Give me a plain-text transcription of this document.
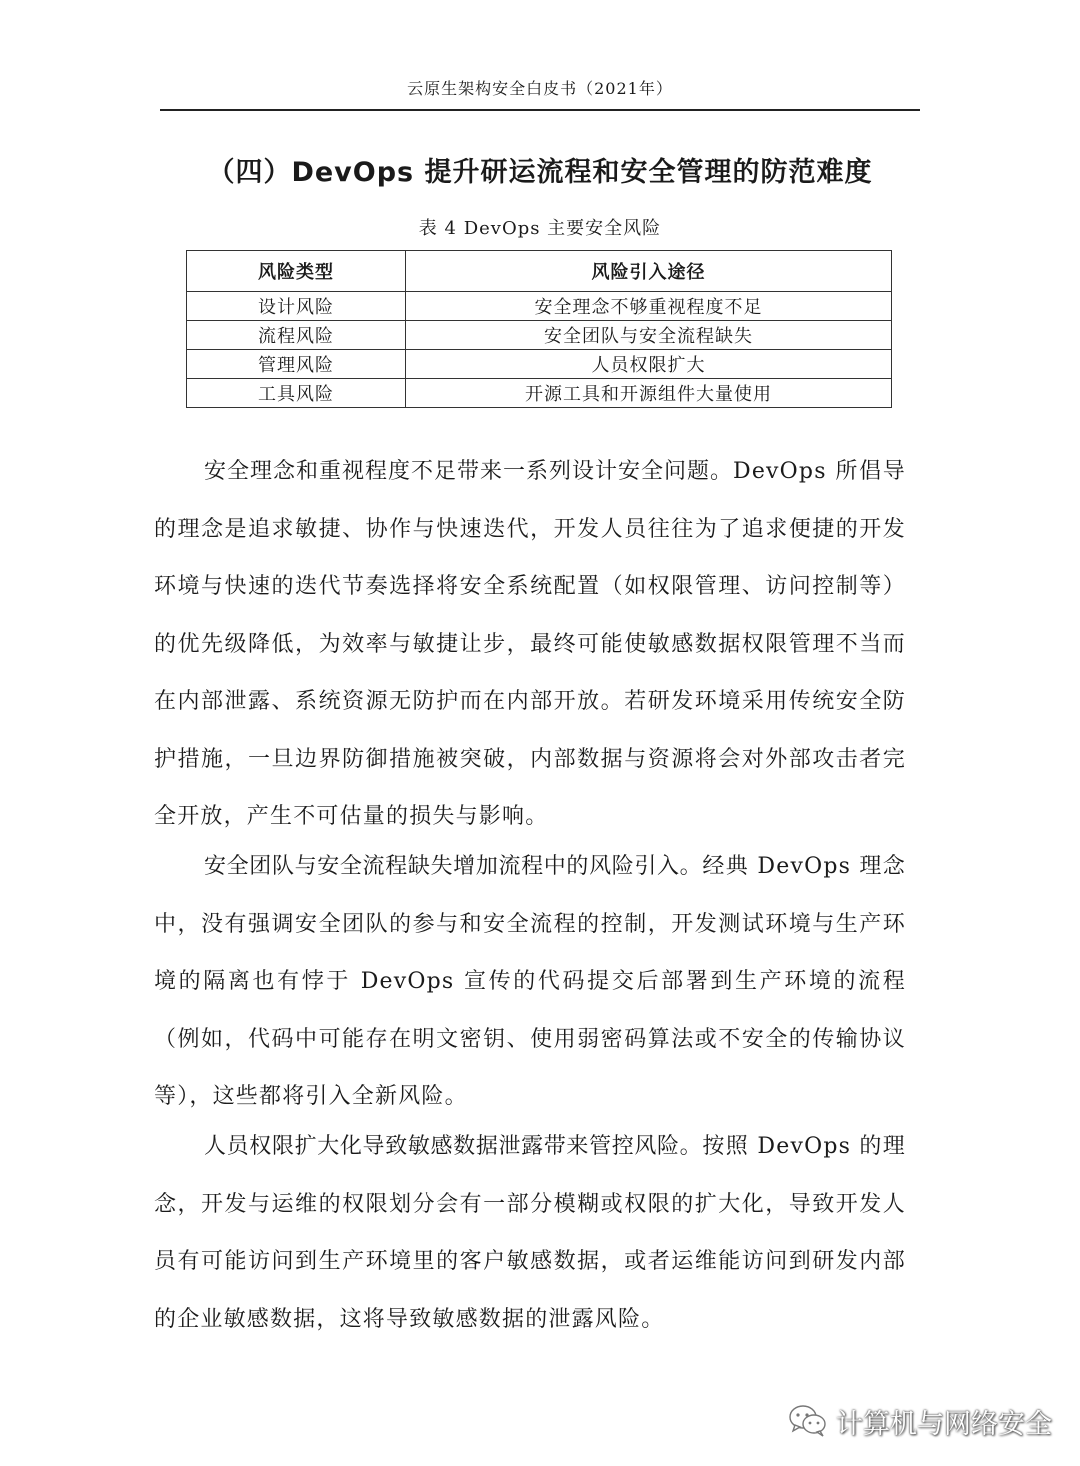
云原生架构安全白皮书（2021年）
（四）DevOps 提升研运流程和安全管理的防范难度
表 4 DevOps 主要安全风险
风险类型	风险引入途径
设计风险	安全理念不够重视程度不足
流程风险	安全团队与安全流程缺失
管理风险	人员权限扩大
工具风险	开源工具和开源组件大量使用

安全理念和重视程度不足带来一系列设计安全问题。DevOps 所倡导的理念是追求敏捷、协作与快速迭代，开发人员往往为了追求便捷的开发环境与快速的迭代节奏选择将安全系统配置（如权限管理、访问控制等）的优先级降低，为效率与敏捷让步，最终可能使敏感数据权限管理不当而在内部泄露、系统资源无防护而在内部开放。若研发环境采用传统安全防护措施，一旦边界防御措施被突破，内部数据与资源将会对外部攻击者完全开放，产生不可估量的损失与影响。

安全团队与安全流程缺失增加流程中的风险引入。经典 DevOps 理念中，没有强调安全团队的参与和安全流程的控制，开发测试环境与生产环境的隔离也有悖于 DevOps 宣传的代码提交后部署到生产环境的流程（例如，代码中可能存在明文密钥、使用弱密码算法或不安全的传输协议等），这些都将引入全新风险。

人员权限扩大化导致敏感数据泄露带来管控风险。按照 DevOps 的理念，开发与运维的权限划分会有一部分模糊或权限的扩大化，导致开发人员有可能访问到生产环境里的客户敏感数据，或者运维能访问到研发内部的企业敏感数据，这将导致敏感数据的泄露风险。

计算机与网络安全
